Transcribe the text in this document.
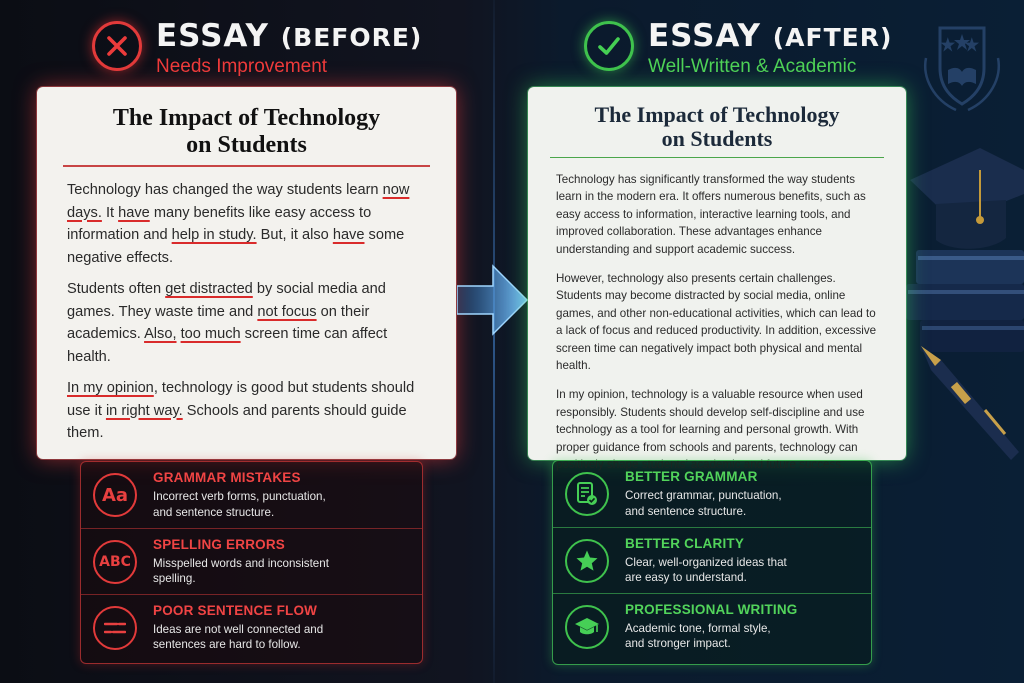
ESSAY (BEFORE)
Needs Improvement
ESSAY (AFTER)
Well-Written & Academic
The Impact of Technology
on Students

Technology has changed the way students learn now days. It have many benefits like easy access to information and help in study. But, it also have some negative effects.

Students often get distracted by social media and games. They waste time and not focus on their academics. Also, too much screen time can affect health.

In my opinion, technology is good but students should use it in right way. Schools and parents should guide them.

The Impact of Technology
on Students

Technology has significantly transformed the way students learn in the modern era. It offers numerous benefits, such as easy access to information, interactive learning tools, and improved collaboration. These advantages enhance understanding and support academic success.

However, technology also presents certain challenges. Students may become distracted by social media, online games, and other non-educational activities, which can lead to a lack of focus and reduced productivity. In addition, excessive screen time can negatively impact both physical and mental health.

In my opinion, technology is a valuable resource when used responsibly. Students should develop self-discipline and use technology as a tool for learning and personal growth. With proper guidance from schools and parents, technology can positively shape students’ academic and future success.

Aa
GRAMMAR MISTAKES
Incorrect verb forms, punctuation,
and sentence structure.
ABC
SPELLING ERRORS
Misspelled words and inconsistent
spelling.
POOR SENTENCE FLOW
Ideas are not well connected and
sentences are hard to follow.
BETTER GRAMMAR
Correct grammar, punctuation,
and sentence structure.
BETTER CLARITY
Clear, well-organized ideas that
are easy to understand.
PROFESSIONAL WRITING
Academic tone, formal style,
and stronger impact.
